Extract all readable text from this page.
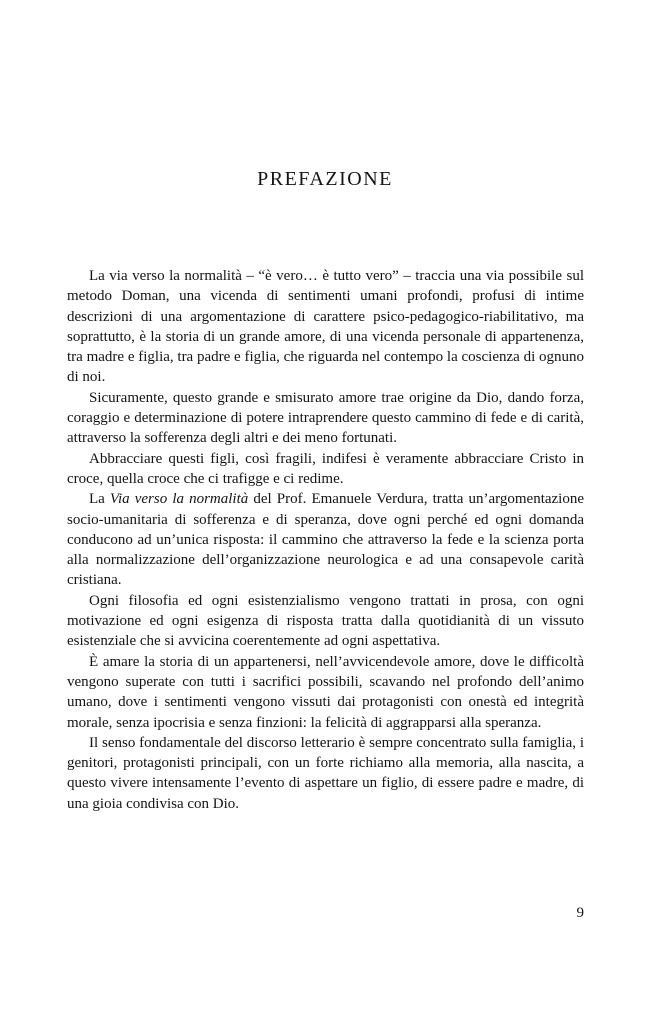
PREFAZIONE

La via verso la normalità – “è vero… è tutto vero” – traccia una via possibile sul metodo Doman, una vicenda di sentimenti umani profondi, profusi di intime descrizioni di una argomentazione di carattere psico-pedagogico-riabilitativo, ma soprattutto, è la storia di un grande amore, di una vicenda personale di appartenenza, tra madre e figlia, tra padre e figlia, che riguarda nel contempo la coscienza di ognuno di noi.

Sicuramente, questo grande e smisurato amore trae origine da Dio, dando forza, coraggio e determinazione di potere intraprendere questo cammino di fede e di carità, attraverso la sofferenza degli altri e dei meno fortunati.

Abbracciare questi figli, così fragili, indifesi è veramente abbracciare Cristo in croce, quella croce che ci trafigge e ci redime.

La Via verso la normalità del Prof. Emanuele Verdura, tratta un’argomentazione socio-umanitaria di sofferenza e di speranza, dove ogni perché ed ogni domanda conducono ad un’unica risposta: il cammino che attraverso la fede e la scienza porta alla normalizzazione dell’organizzazione neurologica e ad una consapevole carità cristiana.

Ogni filosofia ed ogni esistenzialismo vengono trattati in prosa, con ogni motivazione ed ogni esigenza di risposta tratta dalla quotidianità di un vissuto esistenziale che si avvicina coerentemente ad ogni aspettativa.

È amare la storia di un appartenersi, nell’avvicendevole amore, dove le difficoltà vengono superate con tutti i sacrifici possibili, scavando nel profondo dell’animo umano, dove i sentimenti vengono vissuti dai protagonisti con onestà ed integrità morale, senza ipocrisia e senza finzioni: la felicità di aggrapparsi alla speranza.

Il senso fondamentale del discorso letterario è sempre concentrato sulla famiglia, i genitori, protagonisti principali, con un forte richiamo alla memoria, alla nascita, a questo vivere intensamente l’evento di aspettare un figlio, di essere padre e madre, di una gioia condivisa con Dio.

9
